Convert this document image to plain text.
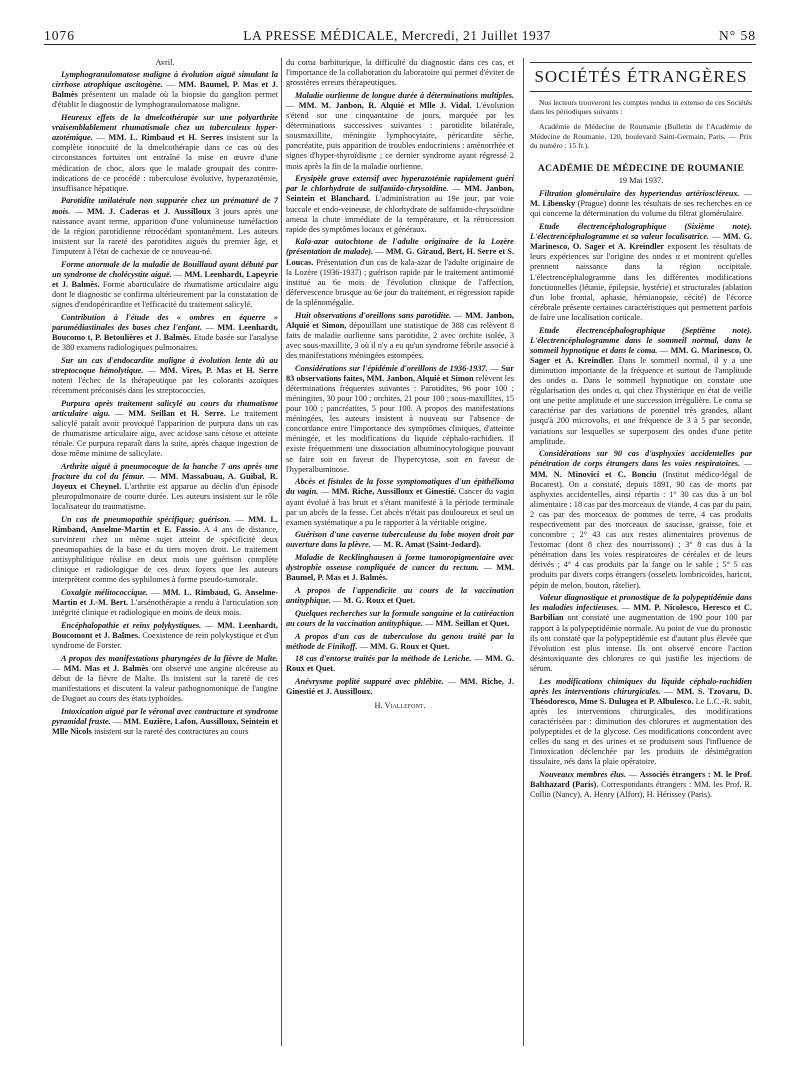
1076	LA PRESSE MÉDICALE, Mercredi, 21 Juillet 1937	N° 58
Avril.
Lymphogranulomatose maligne à évolution aiguë simulant la cirrhose atrophique ascitogène. — MM. Baumel, P. Mas et J. Balmès présentent un malade où la biopsie du ganglion permet d'établir le diagnostic de lymphogranulomatose maligne.
Heureux effets de la dmelcothérapie sur une polyarthrite vraisemblablement rhumatismale chez un tuberculeux hyper-azotémique. — MM. L. Rimbaud et H. Serres insistent sur la complète innocuité de la dmelcothérapie dans ce cas où des circonstances fortuites ont entraîné la mise en œuvre d'une médication de choc, alors que le malade groupait des contre-indications de ce procédé : tuberculose évolutive, hyperazotémie, insuffisance hépatique.
Parotidite unilatérale non suppurée chez un prématuré de 7 mois. — MM. J. Caderas et J. Aussilloux 3 jours après une naissance avant terme, apparition d'une volumineuse tuméfaction de la région parotidienne rétrocédant spontanément. Les auteurs insistent sur la rareté des parotidites aiguës du premier âge, et l'imputent à l'état de cachexie de ce nouveau-né.
Forme anormale de la maladie de Bouillaud ayant débuté par un syndrome de cholécystite aiguë. — MM. Leenhardt, Lapeyrie et J. Balmès. Forme abarticulaire de rhumatisme articulaire aigu dont le diagnostic se confirma ultérieurement par la constatation de signes d'endopéricardite et l'efficacité du traitement salicylé.
Contribution à l'étude des « ombres en équerre » paramédiastinales des bases chez l'enfant. — MM. Leenhardt, Boucomo t, P. Betoulières et J. Balmès. Etude basée sur l'analyse de 380 examens radiologiques pulmonaires.
Sur un cas d'endocardite maligne à évolution lente dû au streptocoque hémolytique. — MM. Vires, P. Mas et H. Serre notent l'échec de la thérapeutique par les colorants azoïques récemment préconisés dans les streptococcies.
Purpura après traitement salicylé au cours du rhumatisme articulaire aigu. — MM. Seillan et H. Serre. Le traitement salicylé paraît avoir provoqué l'apparition de purpura dans un cas de rhumatisme articulaire aigu, avec acidose sans cétose et atteinte rénale. Ce purpura reparaît dans la suite, après chaque ingestion de dose même minime de salicylate.
Arthrite aiguë à pneumocoque de la hanche 7 ans après une fracture du col du fémur. — MM. Massabuau, A. Guibal, R. Joyeux et Cheynel. L'arthrite est apparue au déclin d'un épisode pleuropulmonaire de courte durée. Les auteurs insistent sur le rôle localisateur du traumatisme.
Un cas de pneumopathie spécifique; guérison. — MM. L. Rimband, Anselme-Martin et E. Fassio. A 4 ans de distance, survinrent chez un même sujet atteint de spécificité deux pneumopathies de la base et du tiers moyen droit. Le traitement antisyphilitique réalise en deux mois une guérison complète clinique et radiologique de ces deux foyers que les auteurs interprètent comme des syphilomes à forme pseudo-tumorale.
Coxalgie mélitococcique. — MM. L. Rimbaud, G. Anselme-Martin et J.-M. Bert. L'arsénothérapie a rendu à l'articulation son intégrité clinique et radiologique en moins de deux mois.
Encéphalopathie et reins polykystiques. — MM. Leenhardt, Boucomont et J. Balmes. Coexistence de rein polykystique et d'un syndrome de Forster.
A propos des manifestations pharyngées de la fièvre de Malte. — MM. Mas et J. Balmès ont observé une angine ulcéreuse au début de la fièvre de Malte. Ils insistent sur la rareté de ces manifestations et discutent la valeur pathognomonique de l'angine de Duguet au cours des états typhoïdes.
Intoxication aiguë par le véronal avec contracture et syndrome pyramidal fruste. — MM. Euzière, Lafon, Aussilloux, Seintein et Mlle Nicols insistent sur la rareté des contractures au cours
du coma barbiturique, la difficulté du diagnostic dans ces cas, et l'importance de la collaboration du laboratoire qui permet d'éviter de grossières erreurs thérapeutiques.
Maladie ourlienne de longue durée à déterminations multiples. — MM. M. Janbon, R. Alquié et Mlle J. Vidal. L'évolution s'étend sur une cinquantaine de jours, marquée par les déterminations successives suivantes : parotidite bilatérale, sousmaxillite, méningite lymphocytaire, péricardite sèche, pancréatite, puis apparition de troubles endocriniens : aménorrhée et signes d'hyper-thyroïdisme ; ce dernier syndrome ayant régressé 2 mois après la fin de la maladie ourlienne.
Erysipèle grave extensif avec hyperazotémie rapidement guéri par le chlorhydrate de sulfamido-chrysoïdine. — MM. Janbon, Seintein et Blanchard. L'administration au 19e jour, par voie buccale et endo-veineuse, de chlorhydrate de sulfamido-chrysoïdine amena la chute immédiate de la température, et la rétrocession rapide des symptômes locaux et généraux.
Kala-azar autochtone de l'adulte originaire de la Lozère (présentation de malade). — MM. G. Giraud, Bert, H. Serre et S. Loucas. Présentation d'un cas de kala-azar de l'adulte originaire de la Lozère (1936-1937) ; guérison rapide par le traitement antimonié institué au 6e mois de l'évolution clinique de l'affection, défervescence brusque au 6e jour du traitement, et régression rapide de la splénomégalie.
Huit observations d'oreillons sans parotidite. — MM. Janbon, Alquié et Simon, dépouillant une statistique de 388 cas relèvent 8 faits de maladie ourlienne sans parotidite, 2 avec orchite isolée, 3 avec sous-maxillite, 3 où il n'y a eu qu'un syndrome fébrile associé à des manifestations méningées estompées.
Considérations sur l'épidémie d'oreillons de 1936-1937. — Sur 83 observations faites, MM. Janbon, Alquié et Simon relèvent les déterminations fréquentes suivantes : Parotidites, 96 pour 100 ; méningites, 30 pour 100 ; orchites, 21 pour 100 ; sous-maxillites, 15 pour 100 ; pancréatites, 5 pour 100. A propos des manifestations méningées, les auteurs insistent à nouveau sur l'absence de concordance entre l'importance des symptômes cliniques, d'atteinte méningée, et les modifications du liquide céphalo-rachidien. Il existe fréquemment une dissociation albuminocytologique pouvant se faire soit en faveur de l'hypercytose, soit en faveur de l'hyperalbuminose.
Abcès et fistules de la fosse symptomatiques d'un épithélioma du vagin. — MM. Riche, Aussilloux et Ginestié. Cancer du vagin ayant évolué à bas bruit et s'étant manifesté à la période terminale par un abcès de la fesse. Cet abcès n'était pas douloureux et seul un examen systématique a pu le rapporter à la véritable origine.
Guérison d'une caverne tuberculeuse du lobe moyen droit par ouverture dans la plèvre. — M. R. Amat (Saint-Jodard).
Maladie de Recklinghausen à forme tumoropigmentaire avec dystrophie osseuse compliquée de cancer du rectum. — MM. Baumel, P. Mas et J. Balmès.
A propos de l'appendicite au cours de la vaccination antityphique. — M. G. Roux et Quet.
Quelques recherches sur la formule sanguine et la cutiréaction au cours de la vaccination antityphique. — MM. Seillan et Quet.
A propos d'un cas de tuberculose du genou traité par la méthode de Finikoff. — MM. G. Roux et Quet.
18 cas d'entorse traités par la méthode de Leriche. — MM. G. Roux et Quet.
Anévrysme poplité suppuré avec phlébite. — MM. Riche, J. Ginestié et J. Aussilloux.
H. Viallefont.
SOCIÉTÉS ÉTRANGÈRES
Nos lecteurs trouveront les comptes rendus in extenso de ces Sociétés dans les périodiques suivants :
Académie de Médecine de Roumanie (Bulletin de l'Académie de Médecine de Roumanie, 120, boulevard Saint-Germain, Paris. — Prix du numéro : 15 fr.).
ACADÉMIE DE MÉDECINE DE ROUMANIE
19 Mai 1937.
Filtration glomérulaire des hypertendus artérioscléreux. — M. Libensky (Prague) donne les résultats de ses recherches en ce qui concerne la détermination du volume du filtrat glomérulaire.
Etude électrencéphalographique (Sixième note). L'électrencéphalogramme et sa valeur localisatrice. — MM. G. Marinesco, O. Sager et A. Kreindler exposent les résultats de leurs expériences sur l'origine des ondes α et montrent qu'elles prennent naissance dans la région occipitale. L'électrencéphalogramme dans les différentes modifications fonctionnelles (létanie, épilepsie, hystérie) et structurales (ablation d'un lobe frontal, aphasie, hémianopsie, cécité) de l'écorce cérébrale présente certaines caractéristiques qui permettent parfois de faire une localisation corticale.
Etude électrencéphalographique (Septième note). L'électrencéphalogramme dans le sommeil normal, dans le sommeil hypnotique et dans le coma. — MM. G. Marinesco, O. Sager et A. Kreindler. Dans le sommeil normal, il y a une diminution importante de la fréquence et surtout de l'amplitude des ondes α. Dans le sommeil hypnotique on constate une régularisation des ondes α, qui chez l'hystérique en état de veille ont une petite amplitude et une succession irrégulière. Le coma se caractérise par des variations de potentiel très grandes, allant jusqu'à 200 microvolts, et une fréquence de 3 à 5 par seconde, variations sur lesquelles se superposent des ondes d'une petite amplitude.
Considérations sur 90 cas d'asphyxies accidentelles par pénétration de corps étrangers dans les voies respiratoires. — MM. N. Minovici et C. Bonciu (Institut médico-légal de Bucarest). On a constaté, depuis 1891, 90 cas de morts par asphyxies accidentelles, ainsi répartis : 1° 30 cas dus à un bol alimentaire : 18 cas par des morceaux de viande, 4 cas par du pain, 2 cas par des morceaux de pommes de terre, 4 cas produits respectivement par des morceaux de saucisse, graisse, foie et concombre ; 2° 43 cas aux restes alimentaires provenus de l'estomac (dont 8 chez des nourrissons) ; 3° 8 cas dus à la pénétration dans les voies respiratoires de céréales et de leurs dérivés ; 4° 4 cas produits par la fange ou le sable ; 5° 5 cas produits par divers corps étrangers (osselets lombricoïdes, haricot, pépin de melon, bouton, râtelier).
Valeur diagnostique et pronostique de la polypeptidémie dans les maladies infectieuses. — MM. P. Nicolesco, Heresco et C. Barbilian ont constaté une augmentation de 190 pour 100 par rapport à la polypeptidémie normale. Au point de vue du pronostic ils ont constaté que la polypeptidémie est d'autant plus élevée que l'évolution est plus intense. Ils ont observé encore l'action désintoxiquante des chlorures ce qui justifie les injections de sérum.
Les modifications chimiques du liquide céphalo-rachidien après les interventions chirurgicales. — MM. S. Tzovaru, D. Théodoresco, Mme S. Dulugea et P. Albulesco. Le L.C.-R. subit, après les interventions chirurgicales, des modifications caractérisées par : diminution des chlorures et augmentation des polypeptides et de la glycose. Ces modifications concordent avec celles du sang et des urines et se produisent sous l'influence de l'intoxication déclenchée par les produits de désintégration tissulaire, nés dans la plaie opératoire.
Nouveaux membres élus. — Associés étrangers : M. le Prof. Balthazard (Paris). Correspondants étrangers : MM. les Prof. R. Collin (Nancy), A. Henry (Alfort), H. Hérissey (Paris).
